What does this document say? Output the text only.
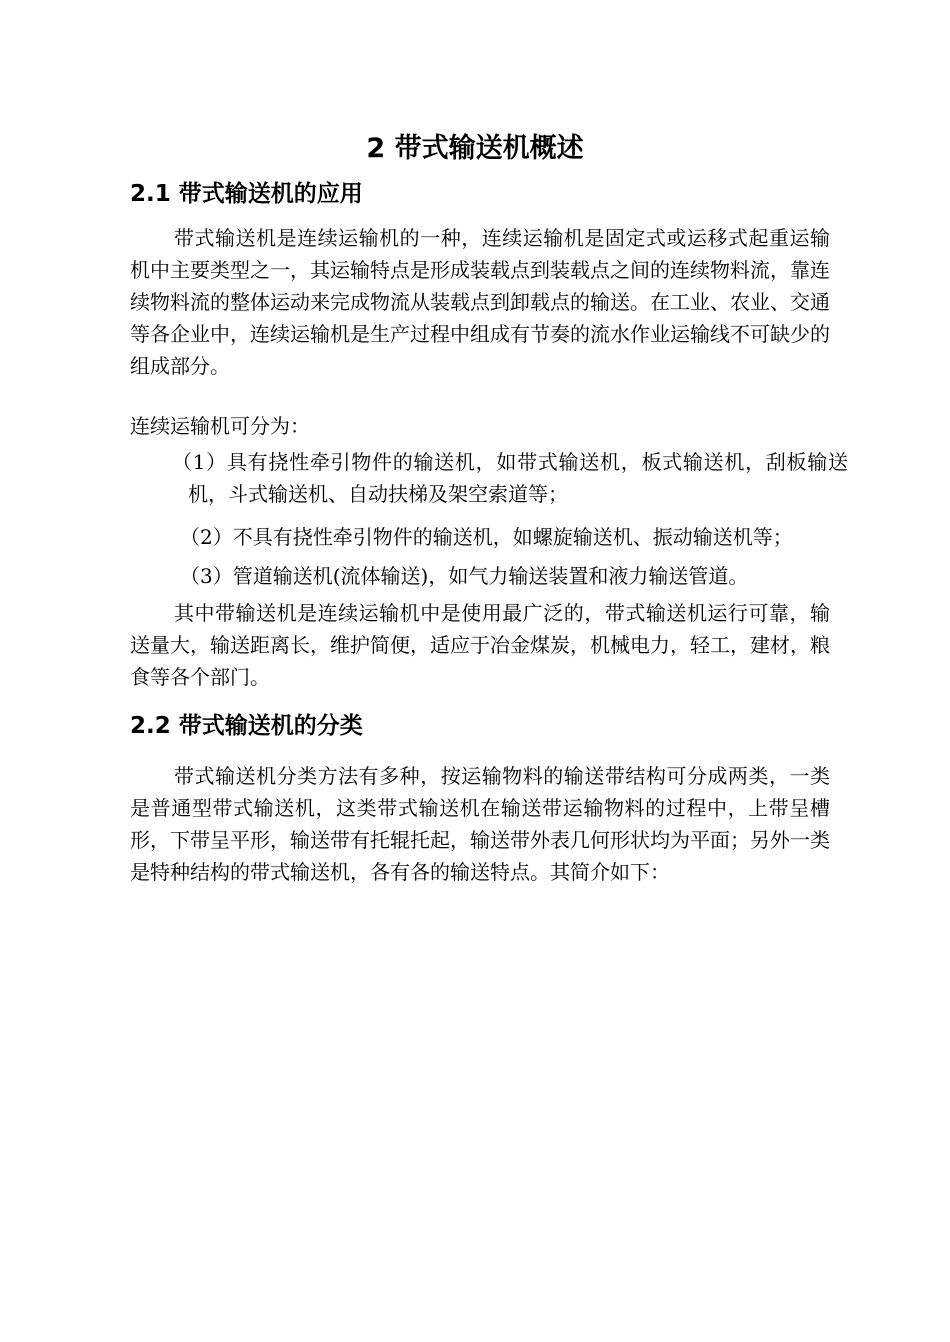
2 带式输送机概述
2.1 带式输送机的应用

带式输送机是连续运输机的一种，连续运输机是固定式或运移式起重运输机中主要类型之一，其运输特点是形成装载点到装载点之间的连续物料流，靠连续物料流的整体运动来完成物流从装载点到卸载点的输送。在工业、农业、交通等各企业中，连续运输机是生产过程中组成有节奏的流水作业运输线不可缺少的组成部分。

连续运输机可分为：

（1）具有挠性牵引物件的输送机，如带式输送机，板式输送机，刮板输送机，斗式输送机、自动扶梯及架空索道等；

（2）不具有挠性牵引物件的输送机，如螺旋输送机、振动输送机等；

（3）管道输送机(流体输送)，如气力输送装置和液力输送管道。

其中带输送机是连续运输机中是使用最广泛的，带式输送机运行可靠，输送量大，输送距离长，维护简便，适应于冶金煤炭，机械电力，轻工，建材，粮食等各个部门。

2.2 带式输送机的分类

带式输送机分类方法有多种，按运输物料的输送带结构可分成两类，一类是普通型带式输送机，这类带式输送机在输送带运输物料的过程中，上带呈槽形，下带呈平形，输送带有托辊托起，输送带外表几何形状均为平面；另外一类是特种结构的带式输送机，各有各的输送特点。其简介如下：
